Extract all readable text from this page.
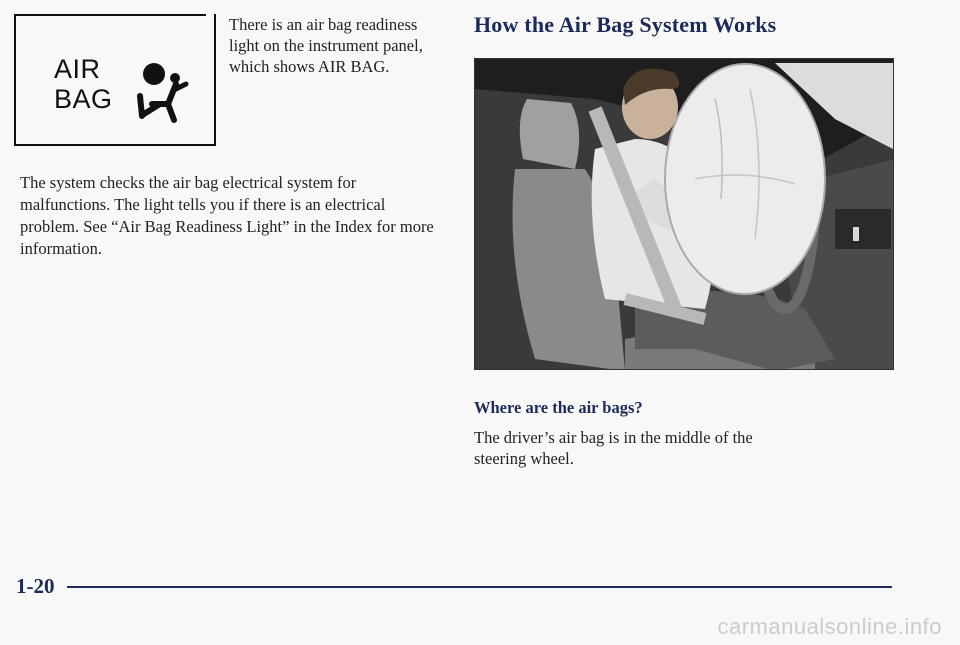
AIR
BAG

There is an air bag readiness light on the instrument panel, which shows AIR BAG.

The system checks the air bag electrical system for malfunctions. The light tells you if there is an electrical problem. See “Air Bag Readiness Light” in the Index for more information.

How the Air Bag System Works
Where are the air bags?

The driver’s air bag is in the middle of the steering wheel.

1-20
carmanualsonline.info
